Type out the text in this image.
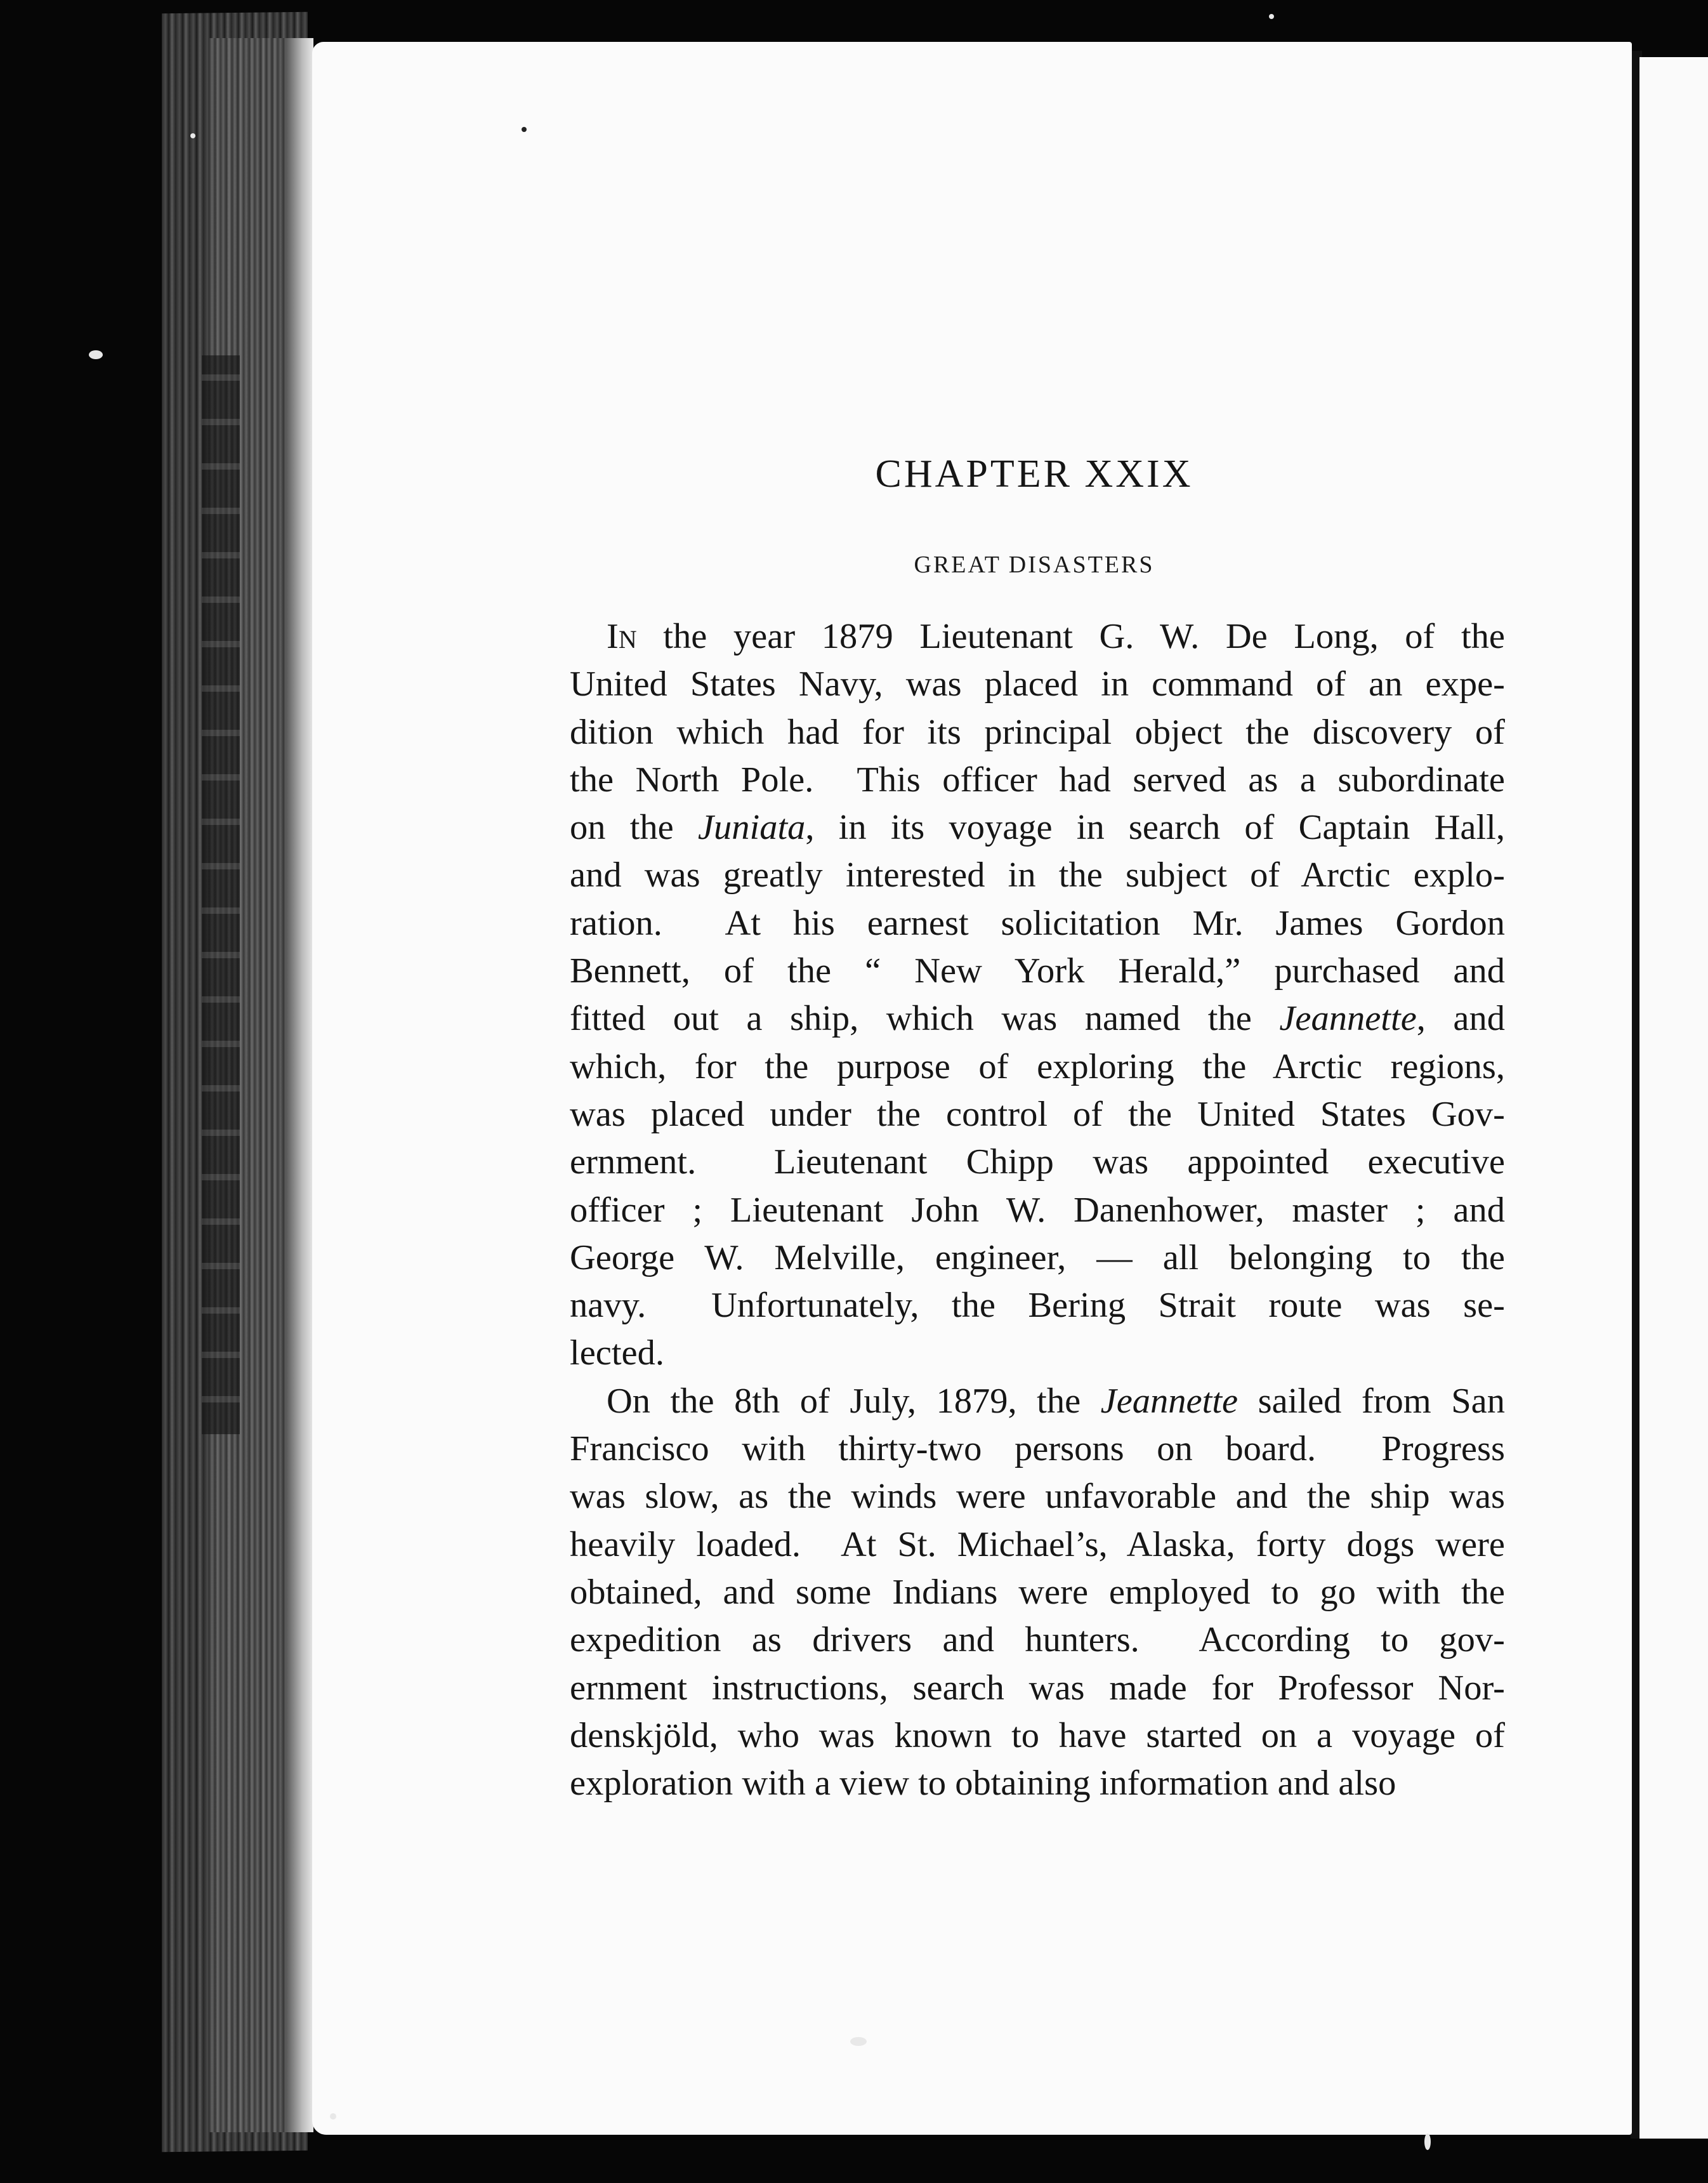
CHAPTER XXIX
GREAT DISASTERS
In the year 1879 Lieutenant G. W. De Long, of the
United States Navy, was placed in command of an expe-
dition which had for its principal object the discovery of
the North Pole.  This officer had served as a subordinate
on the Juniata, in its voyage in search of Captain Hall,
and was greatly interested in the subject of Arctic explo-
ration.  At his earnest solicitation Mr. James Gordon
Bennett, of the “ New York Herald,” purchased and
fitted out a ship, which was named the Jeannette, and
which, for the purpose of exploring the Arctic regions,
was placed under the control of the United States Gov-
ernment.  Lieutenant Chipp was appointed executive
officer ; Lieutenant John W. Danenhower, master ; and
George W. Melville, engineer, — all belonging to the
navy.  Unfortunately, the Bering Strait route was se-
lected.
On the 8th of July, 1879, the Jeannette sailed from San
Francisco with thirty-two persons on board.  Progress
was slow, as the winds were unfavorable and the ship was
heavily loaded.  At St. Michael’s, Alaska, forty dogs were
obtained, and some Indians were employed to go with the
expedition as drivers and hunters.  According to gov-
ernment instructions, search was made for Professor Nor-
denskjöld, who was known to have started on a voyage of
exploration with a view to obtaining information and also
